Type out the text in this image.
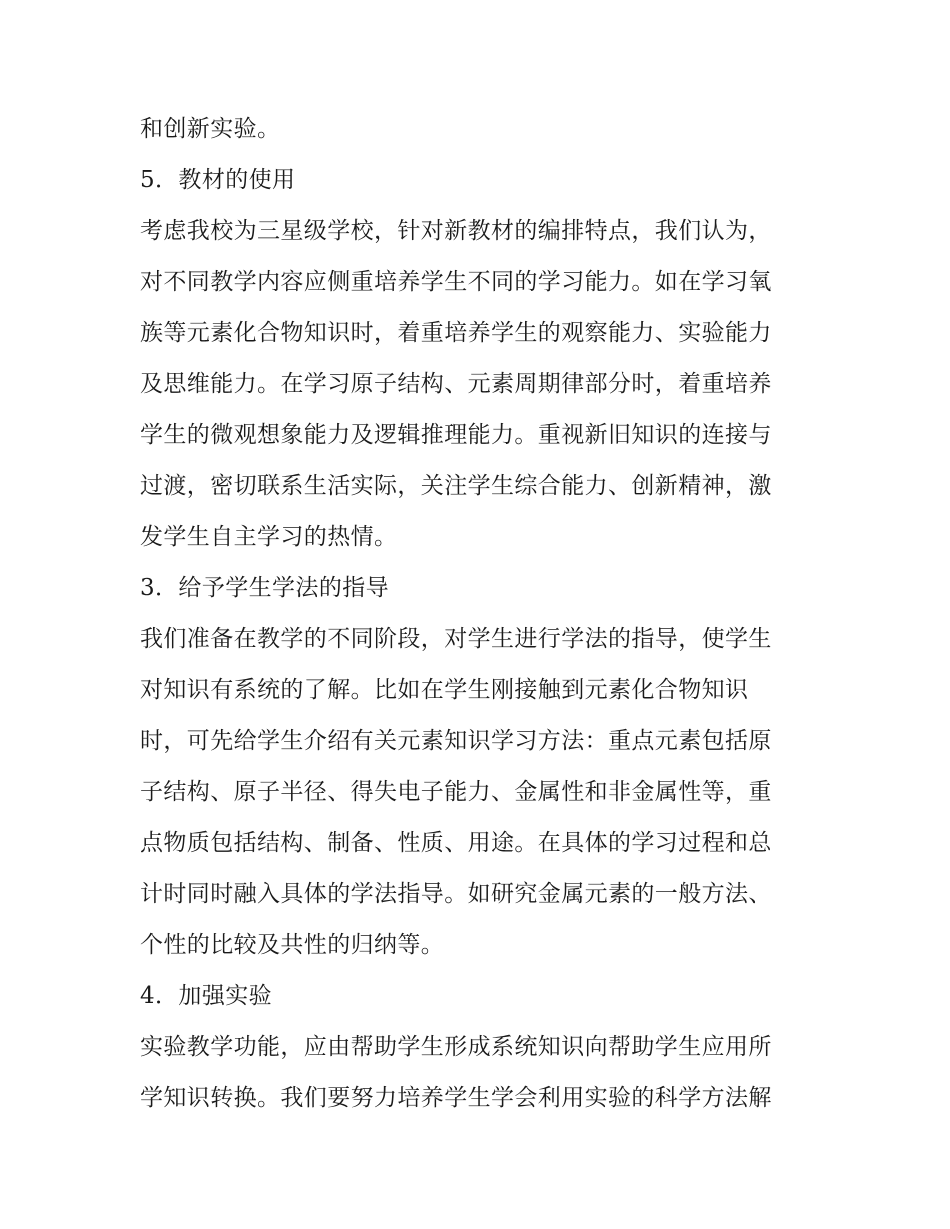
和创新实验。
5．教材的使用
考虑我校为三星级学校，针对新教材的编排特点，我们认为，
对不同教学内容应侧重培养学生不同的学习能力。如在学习氧
族等元素化合物知识时，着重培养学生的观察能力、实验能力
及思维能力。在学习原子结构、元素周期律部分时，着重培养
学生的微观想象能力及逻辑推理能力。重视新旧知识的连接与
过渡，密切联系生活实际，关注学生综合能力、创新精神，激
发学生自主学习的热情。
3．给予学生学法的指导
我们准备在教学的不同阶段，对学生进行学法的指导，使学生
对知识有系统的了解。比如在学生刚接触到元素化合物知识
时，可先给学生介绍有关元素知识学习方法：重点元素包括原
子结构、原子半径、得失电子能力、金属性和非金属性等，重
点物质包括结构、制备、性质、用途。在具体的学习过程和总
计时同时融入具体的学法指导。如研究金属元素的一般方法、
个性的比较及共性的归纳等。
4．加强实验
实验教学功能，应由帮助学生形成系统知识向帮助学生应用所
学知识转换。我们要努力培养学生学会利用实验的科学方法解
